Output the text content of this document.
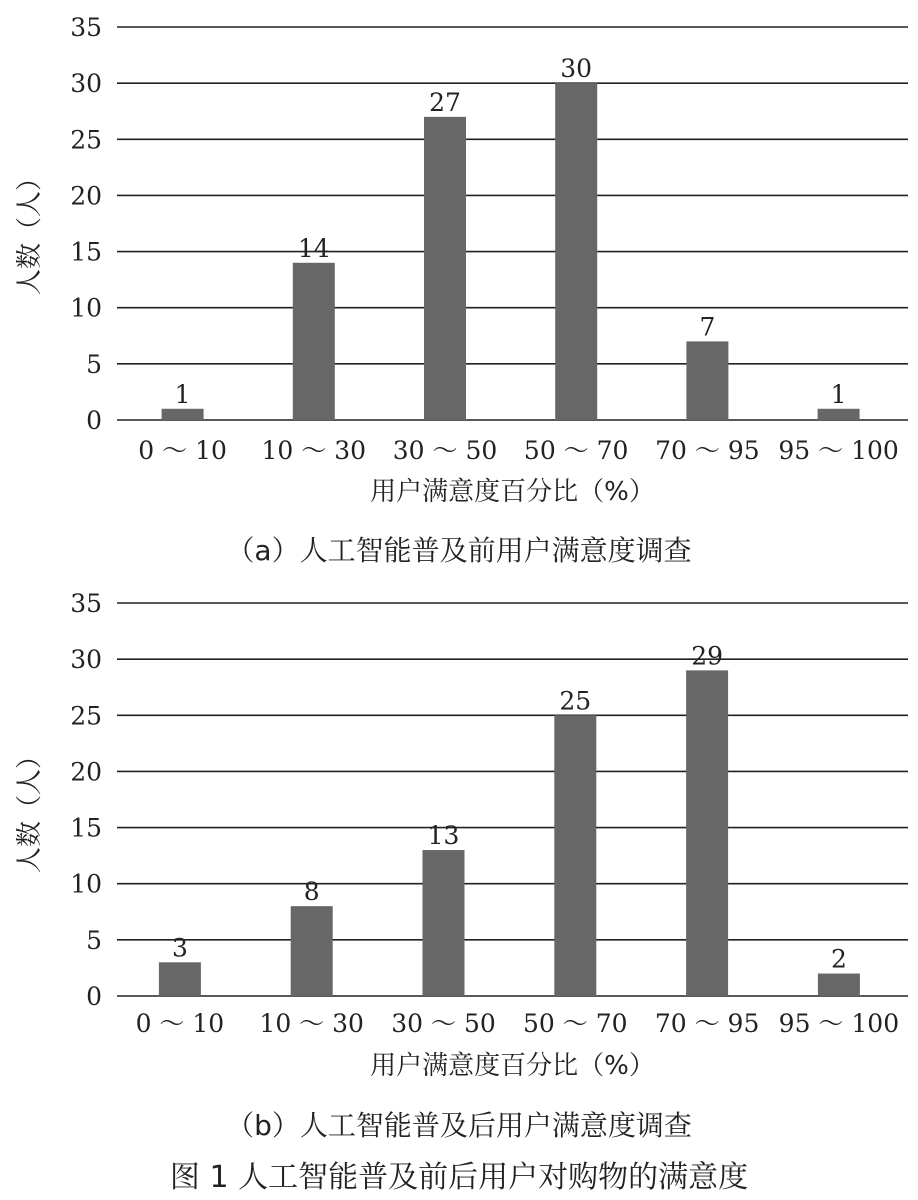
0
5
10
15
20
25
30
35
1
0 ～ 10
14
10 ～ 30
27
30 ～ 50
30
50 ～ 70
7
70 ～ 95
1
95 ～ 100
用户满意度百分比（%）
人数（人）
（a）人工智能普及前用户满意度调查
0
5
10
15
20
25
30
35
3
0 ～ 10
8
10 ～ 30
13
30 ～ 50
25
50 ～ 70
29
70 ～ 95
2
95 ～ 100
用户满意度百分比（%）
人数（人）
（b）人工智能普及后用户满意度调查
图 1 人工智能普及前后用户对购物的满意度
